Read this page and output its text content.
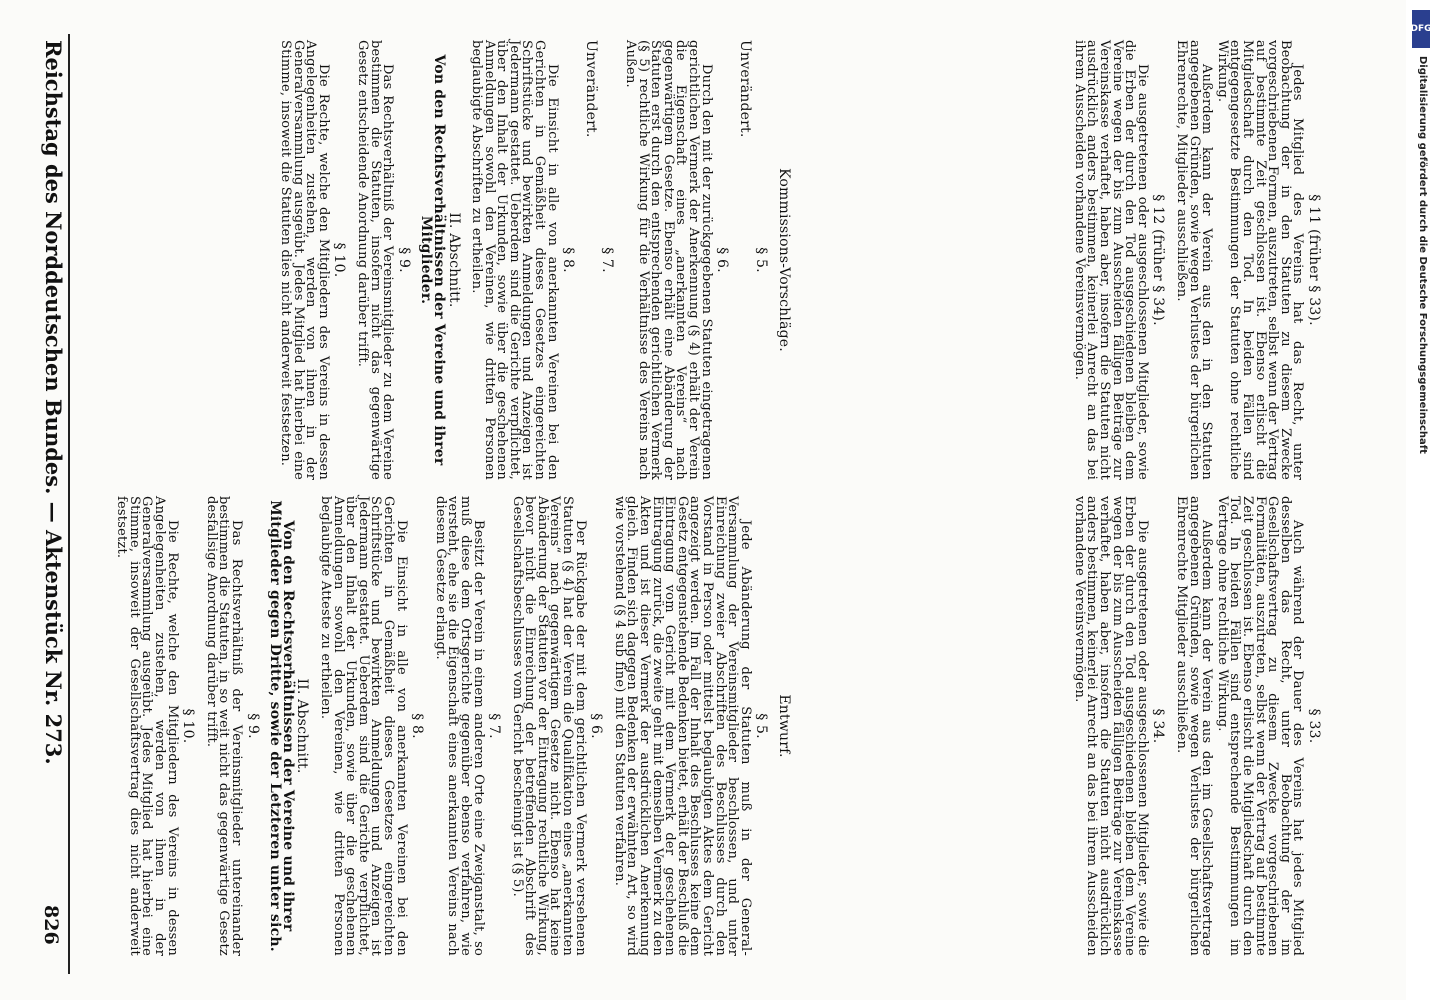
Reichstag des Norddeutschen Bundes. — Aktenstück Nr. 273.
826
Entwurf.
§ 5.

Jede Abänderung der Statuten muß in der General-Versammlung der Vereinsmitglieder beschlossen, und unter Einreichung zweier Abschriften des Beschlusses durch den Vorstand in Person oder mittelst beglaubigten Aktes dem Gericht angezeigt werden. Im Fall der Inhalt des Beschlusses keine dem Gesetz entgegenstehende Bedenken bietet, erhält der Beschluß die Eintragung vom Gericht mit dem Vermerk der geschehenen Eintragung zurück, die zweite geht mit demselben Vermerk zu den Akten und ist dieser Vermerk der ausdrücklichen Anerkennung gleich. Finden sich dagegen Bedenken der erwähnten Art, so wird wie vorstehend (§ 4 sub fine) mit den Statuten verfahren.

§ 6.

Der Rückgabe der mit dem gerichtlichen Vermerk versehenen Statuten (§ 4) hat der Verein die Qualifikation eines „anerkannten Vereins“ nach gegenwärtigem Gesetze nicht. Ebenso hat keine Abänderung der Statuten vor der Eintragung rechtliche Wirkung, bevor nicht die Einreichung der betreffenden Abschrift des Gesellschaftsbeschlusses vom Gericht bescheinigt ist (§ 5).

§ 7.

Besitzt der Verein in einem anderen Orte eine Zweiganstalt, so muß diese dem Ortsgerichte gegenüber ebenso verfahren, wie versteht, ehe sie die Eigenschaft eines anerkannten Vereins nach diesem Gesetze erlangt.

§ 8.

Die Einsicht in alle von anerkannten Vereinen bei den Gerichten in Gemäßheit dieses Gesetzes eingereichten Schriftstücke und bewirkten Anmeldungen und Anzeigen ist Jedermann gestattet. Ueberdem sind die Gerichte verpflichtet, über den Inhalt der Urkunden, sowie über die geschehenen Anmeldungen sowohl den Vereinen, wie dritten Personen beglaubigte Atteste zu ertheilen.

II. Abschnitt.
Von den Rechtsverhältnissen der Vereine und ihrer Mitglieder gegen Dritte, sowie der Letzteren unter sich.
§ 9.

Das Rechtsverhältniß der Vereinsmitglieder untereinander bestimmen die Statuten, in so weit nicht das gegenwärtige Gesetz desfallsige Anordnung darüber trifft.

§ 10.

Die Rechte, welche den Mitgliedern des Vereins in dessen Angelegenheiten zustehen, werden von ihnen in der Generalversammlung ausgeübt. Jedes Mitglied hat hierbei eine Stimme, insoweit der Gesellschaftsvertrag dies nicht anderweit festsetzt.

§ 33.

Auch während der Dauer des Vereins hat jedes Mitglied desselben das Recht, unter Beobachtung der im Gesellschaftsvertrag zu diesem Zwecke vorgeschriebenen Formalitäten, auszutreten, selbst wenn der Vertrag auf bestimmte Zeit geschlossen ist. Ebenso erlischt die Mitgliedschaft durch den Tod. In beiden Fällen sind entsprechende Bestimmungen im Vertrage ohne rechtliche Wirkung.

Außerdem kann der Verein aus den im Gesellschaftsvertrage angegebenen Gründen, sowie wegen Verlustes der bürgerlichen Ehrenrechte Mitglieder ausschließen.

§ 34.

Die ausgetretenen oder ausgeschlossenen Mitglieder, sowie die Erben der durch den Tod ausgeschiedenen bleiben dem Vereine wegen der bis zum Ausscheiden fälligen Beiträge zur Vereinskasse verhaftet, haben aber, insofern die Statuten nicht ausdrücklich anders bestimmen, keinerlei Anrecht an das bei ihrem Ausscheiden vorhandene Vereinsvermögen.

Kommissions-Vorschläge.
§ 5.

Unverändert.

§ 6.

Durch den mit der zurückgegebenen Statuten eingetragenen gerichtlichen Vermerk der Anerkennung (§ 4) erhält der Verein die Eigenschaft eines „anerkannten Vereins“ nach gegenwärtigem Gesetze. Ebenso erhält eine Abänderung der Statuten erst durch den entsprechenden gerichtlichen Vermerk (§ 5) rechtliche Wirkung für die Verhältnisse des Vereins nach Außen.

§ 7.

Unverändert.

§ 8.

Die Einsicht in alle von anerkannten Vereinen bei den Gerichten in Gemäßheit dieses Gesetzes eingereichten Schriftstücke und bewirkten Anmeldungen und Anzeigen ist Jedermann gestattet. Ueberdem sind die Gerichte verpflichtet, über den Inhalt der Urkunden, sowie über die geschehenen Anmeldungen sowohl den Vereinen, wie dritten Personen beglaubigte Abschriften zu ertheilen.

II. Abschnitt.
Von den Rechtsverhältnissen der Vereine und ihrer Mitglieder.
§ 9.

Das Rechtsverhältniß der Vereinsmitglieder zu dem Vereine bestimmen die Statuten, insofern nicht das gegenwärtige Gesetz entscheidende Anordnung darüber trifft.

§ 10.

Die Rechte, welche den Mitgliedern des Vereins in dessen Angelegenheiten zustehen, werden von ihnen in der Generalversammlung ausgeübt. Jedes Mitglied hat hierbei eine Stimme, insoweit die Statuten dies nicht anderweit festsetzen.	§ 11 (früher § 33).

Jedes Mitglied des Vereins hat das Recht, unter Beobachtung der in den Statuten zu diesem Zwecke vorgeschriebenen Formen, auszutreten, selbst wenn der Vertrag auf bestimmte Zeit geschlossen ist. Ebenso erlischt die Mitgliedschaft durch den Tod. In beiden Fällen sind entgegengesetzte Bestimmungen der Statuten ohne rechtliche Wirkung.

Außerdem kann der Verein aus den in den Statuten angegebenen Gründen, sowie wegen Verlustes der bürgerlichen Ehrenrechte, Mitglieder ausschließen.

§ 12 (früher § 34).

Die ausgetretenen oder ausgeschlossenen Mitglieder, sowie die Erben der durch den Tod ausgeschiedenen bleiben dem Vereine wegen der bis zum Ausscheiden fälligen Beiträge zur Vereinskasse verhaftet, haben aber, insofern die Statuten nicht ausdrücklich anders bestimmen, keinerlei Anrecht an das bei ihrem Ausscheiden vorhandene Vereinsvermögen.

DFG
Digitalisierung gefördert durch die Deutsche Forschungsgemeinschaft
